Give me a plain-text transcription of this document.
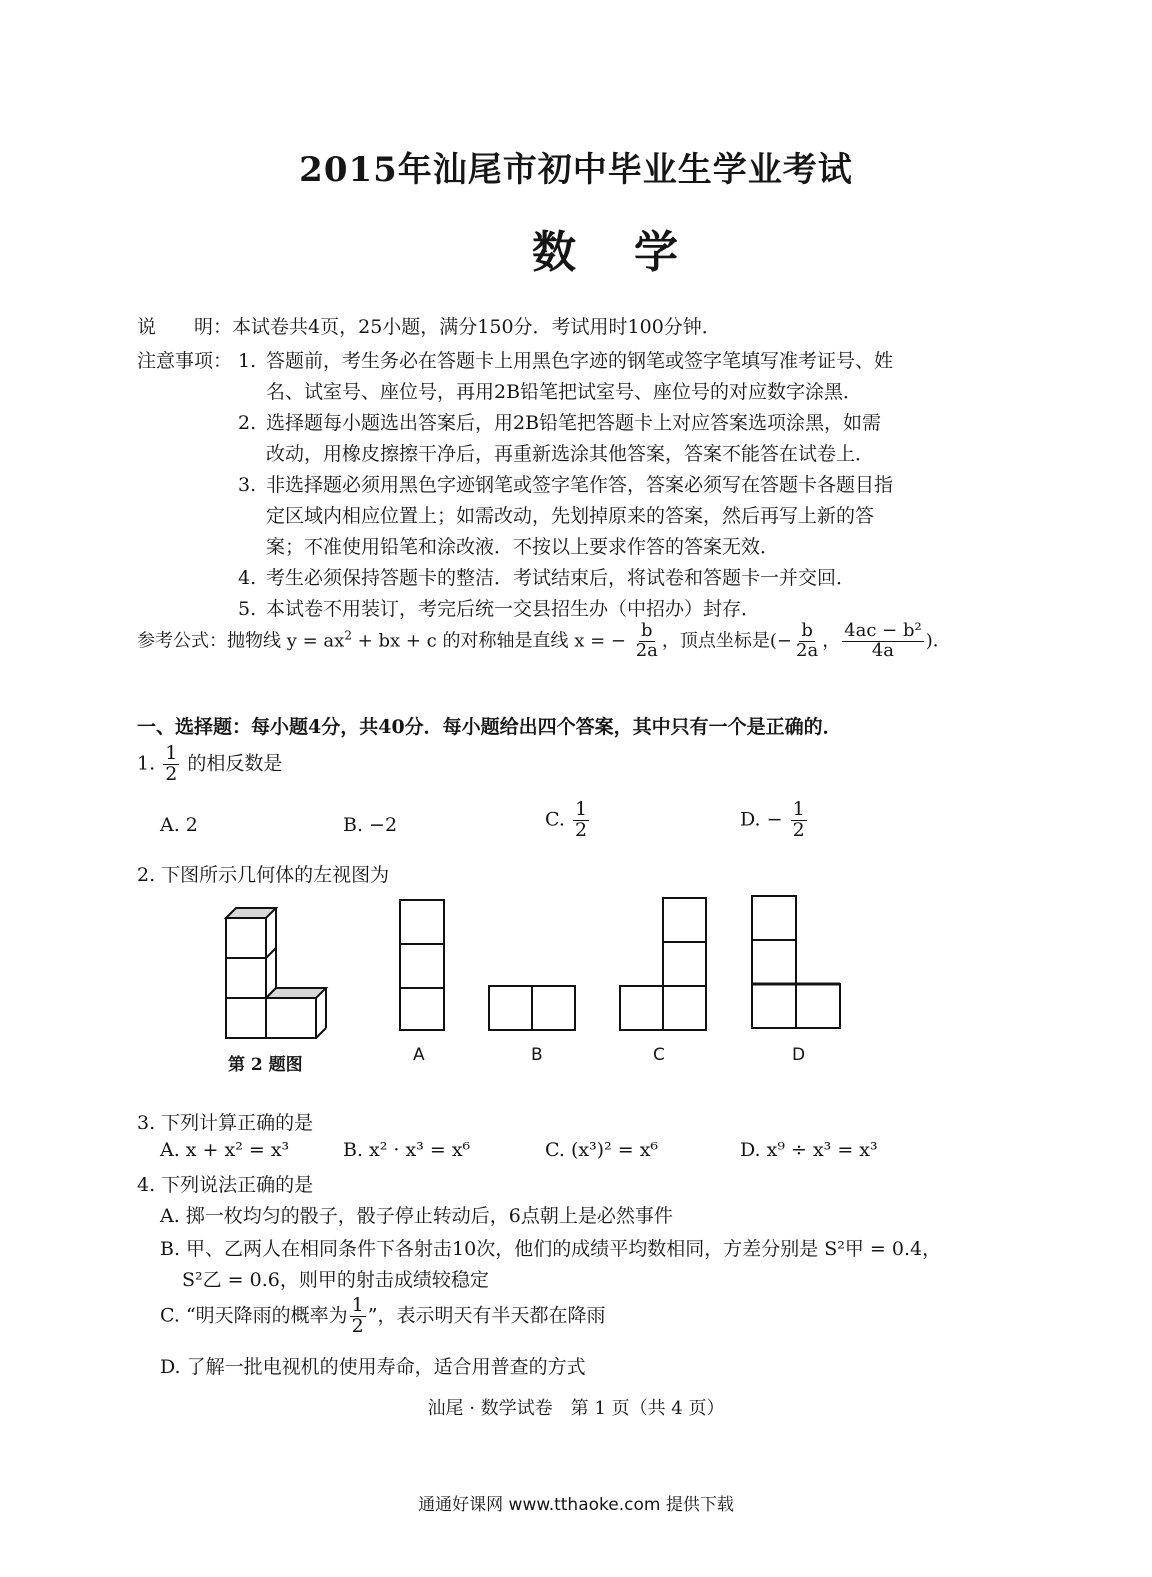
2015年汕尾市初中毕业生学业考试
数学
说　　明：本试卷共4页，25小题，满分150分．考试用时100分钟．
注意事项： 1. 答题前，考生务必在答题卡上用黑色字迹的钢笔或签字笔填写准考证号、姓
名、试室号、座位号，再用2B铅笔把试室号、座位号的对应数字涂黑．
2. 选择题每小题选出答案后，用2B铅笔把答题卡上对应答案选项涂黑，如需
改动，用橡皮擦擦干净后，再重新选涂其他答案，答案不能答在试卷上．
3. 非选择题必须用黑色字迹钢笔或签字笔作答，答案必须写在答题卡各题目指
定区域内相应位置上；如需改动，先划掉原来的答案，然后再写上新的答
案；不准使用铅笔和涂改液．不按以上要求作答的答案无效．
4. 考生必须保持答题卡的整洁．考试结束后，将试卷和答题卡一并交回．
5. 本试卷不用装订，考完后统一交县招生办（中招办）封存．
参考公式：抛物线 $y = ax^2$ + bx + c 的对称轴是直线 x = − $\frac{b}{2a}$ ，顶点坐标是(− $\frac{b}{2a}$ ， $\frac{\text{4ac − b²}}{4a}$ )．
一、选择题：每小题4分，共40分．每小题给出四个答案，其中只有一个是正确的．
1. $\frac{1}{2}$ 的相反数是
A. 2	B. −2	C. $\frac{1}{2}$	D. − $\frac{1}{2}$
2. 下图所示几何体的左视图为
第 2 题图	A	B	C	D
3. 下列计算正确的是
A. x + x² = x³	B. x² · x³ = x⁶	C. (x³)² = x⁶	D. x⁹ ÷ x³ = x³
4. 下列说法正确的是
A. 掷一枚均匀的骰子，骰子停止转动后，6点朝上是必然事件
B. 甲、乙两人在相同条件下各射击10次，他们的成绩平均数相同，方差分别是 S²甲 = 0.4，
S²乙 = 0.6，则甲的射击成绩较稳定
C. “明天降雨的概率为 $\frac{1}{2}$ ”，表示明天有半天都在降雨
D. 了解一批电视机的使用寿命，适合用普查的方式
汕尾 · 数学试卷　第 1 页（共 4 页）
通通好课网 www.tthaoke.com 提供下载
